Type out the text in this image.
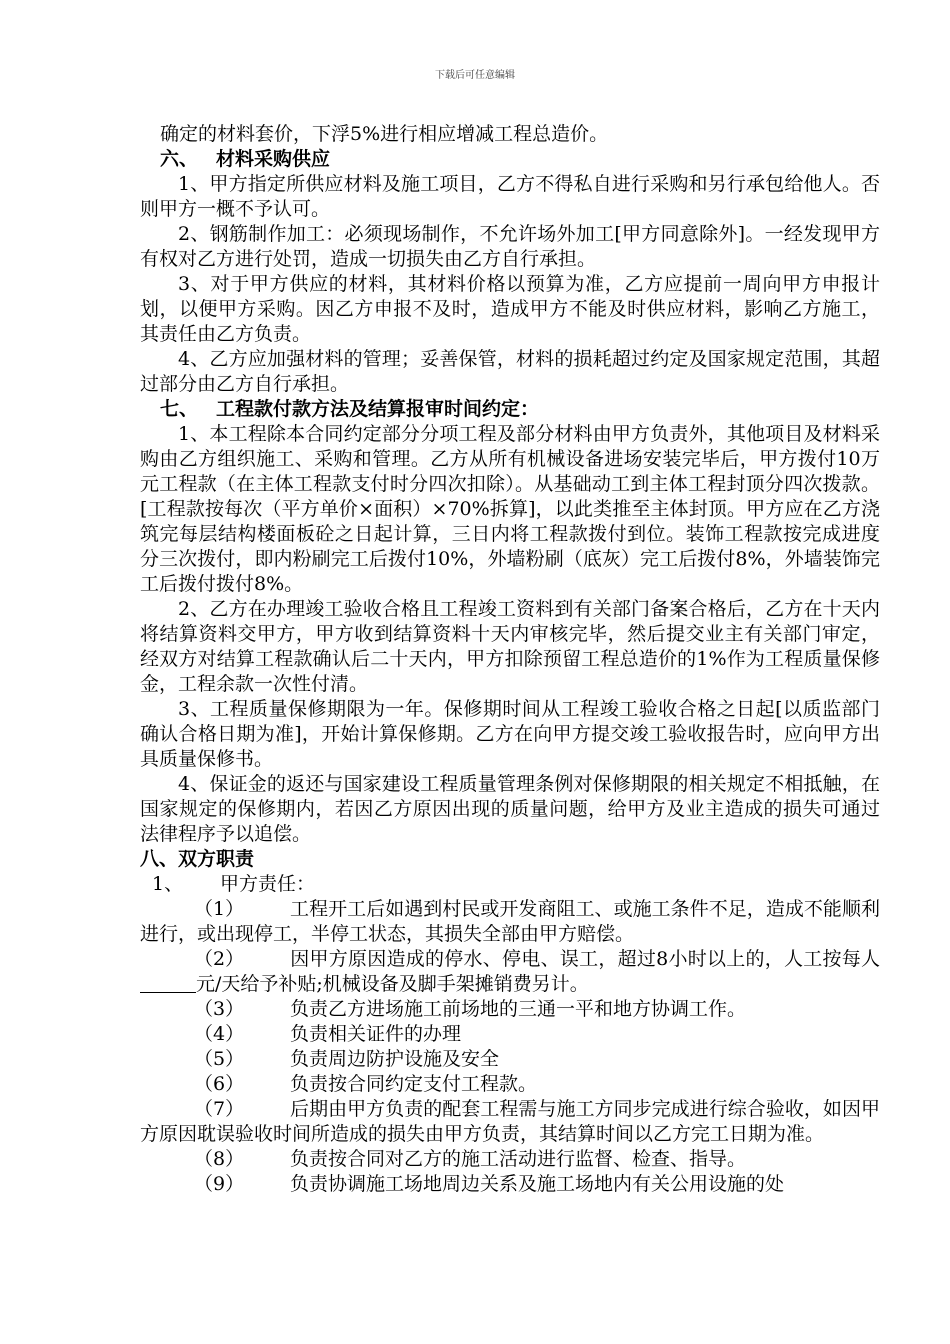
下载后可任意编辑

确定的材料套价，下浮5%进行相应增减工程总造价。

六、 材料采购供应

1、甲方指定所供应材料及施工项目，乙方不得私自进行采购和另行承包给他人。否则甲方一概不予认可。

2、钢筋制作加工：必须现场制作，不允许场外加工[甲方同意除外]。一经发现甲方有权对乙方进行处罚，造成一切损失由乙方自行承担。

3、对于甲方供应的材料，其材料价格以预算为准，乙方应提前一周向甲方申报计划，以便甲方采购。因乙方申报不及时，造成甲方不能及时供应材料，影响乙方施工，其责任由乙方负责。

4、乙方应加强材料的管理；妥善保管，材料的损耗超过约定及国家规定范围，其超过部分由乙方自行承担。

七、 工程款付款方法及结算报审时间约定：

1、本工程除本合同约定部分分项工程及部分材料由甲方负责外，其他项目及材料采购由乙方组织施工、采购和管理。乙方从所有机械设备进场安装完毕后，甲方拨付10万元工程款（在主体工程款支付时分四次扣除）。从基础动工到主体工程封顶分四次拨款。[工程款按每次（平方单价×面积）×70%拆算]，以此类推至主体封顶。甲方应在乙方浇筑完每层结构楼面板砼之日起计算，三日内将工程款拨付到位。装饰工程款按完成进度分三次拨付，即内粉刷完工后拨付10%，外墙粉刷（底灰）完工后拨付8%，外墙装饰完工后拨付拨付8%。

2、乙方在办理竣工验收合格且工程竣工资料到有关部门备案合格后，乙方在十天内将结算资料交甲方，甲方收到结算资料十天内审核完毕，然后提交业主有关部门审定，经双方对结算工程款确认后二十天内，甲方扣除预留工程总造价的1%作为工程质量保修金，工程余款一次性付清。

3、工程质量保修期限为一年。保修期时间从工程竣工验收合格之日起[以质监部门确认合格日期为准]，开始计算保修期。乙方在向甲方提交竣工验收报告时，应向甲方出具质量保修书。

4、保证金的返还与国家建设工程质量管理条例对保修期限的相关规定不相抵触，在国家规定的保修期内，若因乙方原因出现的质量问题，给甲方及业主造成的损失可通过法律程序予以追偿。

八、双方职责

1、 甲方责任：

（1） 工程开工后如遇到村民或开发商阻工、或施工条件不足，造成不能顺利进行，或出现停工，半停工状态，其损失全部由甲方赔偿。

（2） 因甲方原因造成的停水、停电、误工，超过8小时以上的，人工按每人元/天给予补贴;机械设备及脚手架摊销费另计。

（3） 负责乙方进场施工前场地的三通一平和地方协调工作。

（4） 负责相关证件的办理

（5） 负责周边防护设施及安全

（6） 负责按合同约定支付工程款。

（7） 后期由甲方负责的配套工程需与施工方同步完成进行综合验收，如因甲方原因耽误验收时间所造成的损失由甲方负责，其结算时间以乙方完工日期为准。

（8） 负责按合同对乙方的施工活动进行监督、检查、指导。

（9） 负责协调施工场地周边关系及施工场地内有关公用设施的处
